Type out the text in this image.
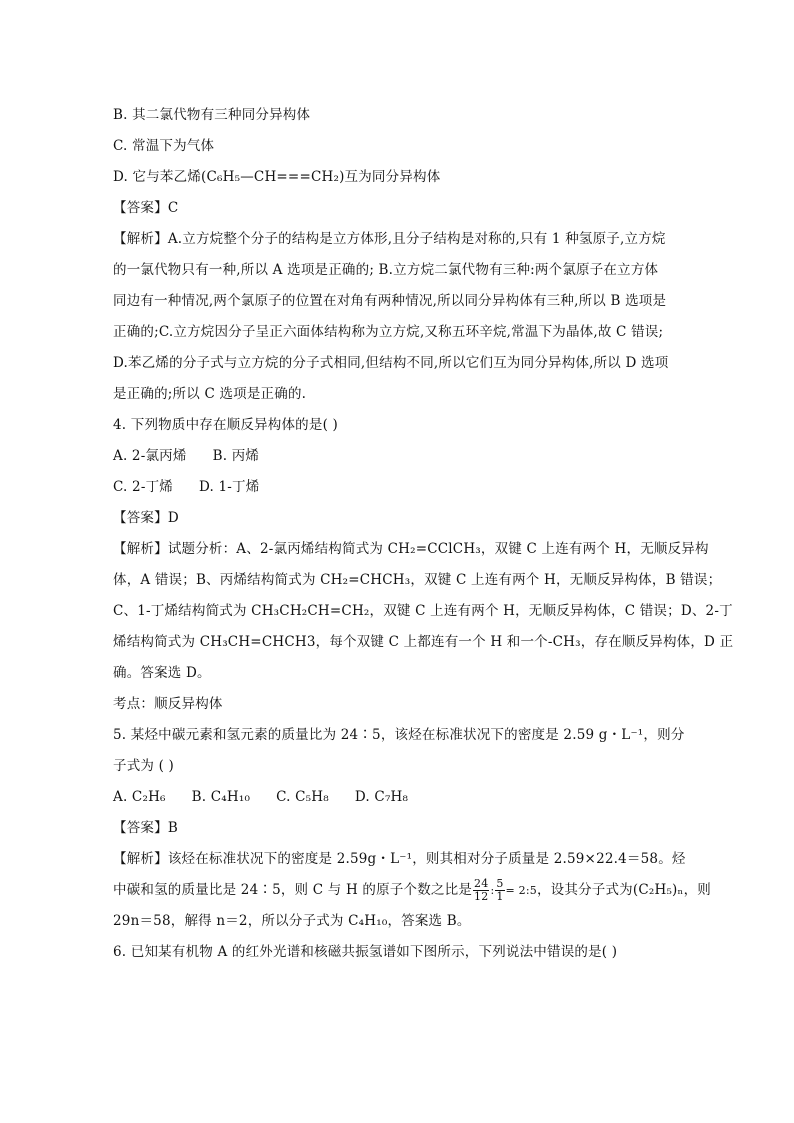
B. 其二氯代物有三种同分异构体
C. 常温下为气体
D. 它与苯乙烯(C₆H₅—CH===CH₂)互为同分异构体
【答案】C
【解析】A.立方烷整个分子的结构是立方体形,且分子结构是对称的,只有 1 种氢原子,立方烷
的一氯代物只有一种,所以 A 选项是正确的; B.立方烷二氯代物有三种:两个氯原子在立方体
同边有一种情况,两个氯原子的位置在对角有两种情况,所以同分异构体有三种,所以 B 选项是
正确的;C.立方烷因分子呈正六面体结构称为立方烷,又称五环辛烷,常温下为晶体,故 C 错误;
D.苯乙烯的分子式与立方烷的分子式相同,但结构不同,所以它们互为同分异构体,所以 D 选项
是正确的;所以 C 选项是正确的.
4. 下列物质中存在顺反异构体的是( )
A. 2-氯丙烯 B. 丙烯
C. 2-丁烯 D. 1-丁烯
【答案】D
【解析】试题分析：A、2-氯丙烯结构简式为 CH₂=CClCH₃，双键 C 上连有两个 H，无顺反异构
体，A 错误；B、丙烯结构简式为 CH₂=CHCH₃，双键 C 上连有两个 H，无顺反异构体，B 错误；
C、1-丁烯结构简式为 CH₃CH₂CH=CH₂，双键 C 上连有两个 H，无顺反异构体，C 错误；D、2-丁
烯结构简式为 CH₃CH=CHCH3，每个双键 C 上都连有一个 H 和一个-CH₃，存在顺反异构体，D 正
确。答案选 D。
考点：顺反异构体
5. 某烃中碳元素和氢元素的质量比为 24∶5，该烃在标准状况下的密度是 2.59 g・L⁻¹，则分
子式为 ( )
A. C₂H₆ B. C₄H₁₀ C. C₅H₈ D. C₇H₈
【答案】B
【解析】该烃在标准状况下的密度是 2.59g・L⁻¹，则其相对分子质量是 2.59×22.4＝58。烃
中碳和氢的质量比是 24∶5，则 C 与 H 的原子个数之比是 $\frac{24}{12}$ : $\frac{5}{1}$ = 2:5，设其分子式为(C₂H₅)ₙ，则
29n＝58，解得 n＝2，所以分子式为 C₄H₁₀，答案选 B。
6. 已知某有机物 A 的红外光谱和核磁共振氢谱如下图所示，下列说法中错误的是( )
